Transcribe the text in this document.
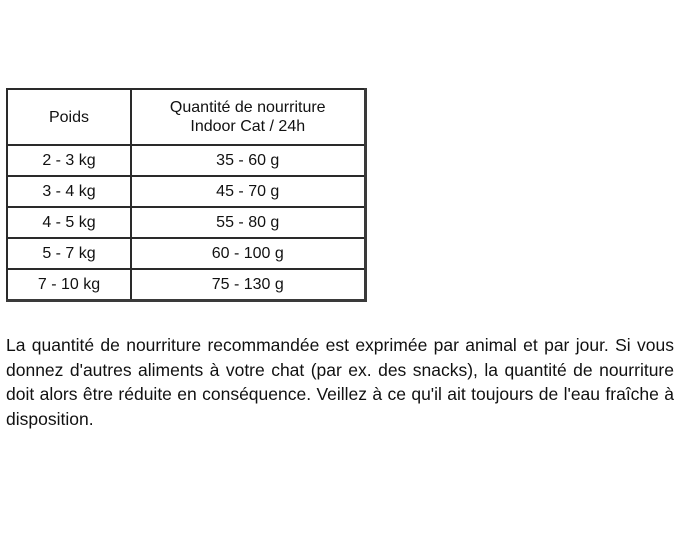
Poids	Quantité de nourriture
Indoor Cat / 24h

2 - 3 kg	35 - 60 g
3 - 4 kg	45 - 70 g
4 - 5 kg	55 - 80 g
5 - 7 kg	60 - 100 g
7 - 10 kg	75 - 130 g

La quantité de nourriture recommandée est exprimée par animal et par jour. Si vous donnez d'autres aliments à votre chat (par ex. des snacks), la quantité de nourriture doit alors être réduite en conséquence. Veillez à ce qu'il ait toujours de l'eau fraîche à disposition.
